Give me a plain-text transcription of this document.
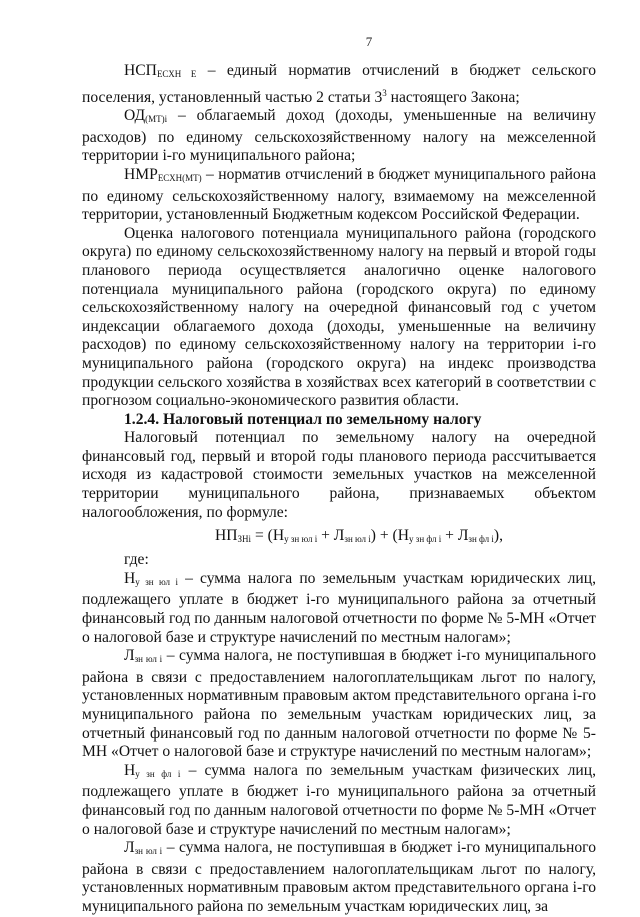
7

$НСП_{ЕСХН Е}$ – единый норматив отчислений в бюджет сельского поселения, установленный частью 2 статьи $3^3$ настоящего Закона;

$ОД_{(МТ)i}$ – облагаемый доход (доходы, уменьшенные на величину расходов) по единому сельскохозяйственному налогу на межселенной территории i-го муниципального района;

$НМР_{ЕСХН(МТ)}$ – норматив отчислений в бюджет муниципального района по единому сельскохозяйственному налогу, взимаемому на межселенной территории, установленный Бюджетным кодексом Российской Федерации.

Оценка налогового потенциала муниципального района (городского округа) по единому сельскохозяйственному налогу на первый и второй годы планового периода осуществляется аналогично оценке налогового потенциала муниципального района (городского округа) по единому сельскохозяйственному налогу на очередной финансовый год с учетом индексации облагаемого дохода (доходы, уменьшенные на величину расходов) по единому сельскохозяйственному налогу на территории i-го муниципального района (городского округа) на индекс производства продукции сельского хозяйства в хозяйствах всех категорий в соответствии с прогнозом социально-экономического развития области.

1.2.4. Налоговый потенциал по земельному налогу

Налоговый потенциал по земельному налогу на очередной финансовый год, первый и второй годы планового периода рассчитывается исходя из кадастровой стоимости земельных участков на межселенной территории муниципального района, признаваемых объектом налогообложения, по формуле:

$НП_{ЗНi} = (Н_{у зн юл i} + Л_{зн юл i}) + (Н_{у зн фл i} + Л_{зн фл i})$,

где:

$Н_{у зн юл i}$ – сумма налога по земельным участкам юридических лиц, подлежащего уплате в бюджет i-го муниципального района за отчетный финансовый год по данным налоговой отчетности по форме № 5-МН «Отчет о налоговой базе и структуре начислений по местным налогам»;

$Л_{зн юл i}$ – сумма налога, не поступившая в бюджет i-го муниципального района в связи с предоставлением налогоплательщикам льгот по налогу, установленных нормативным правовым актом представительного органа i-го муниципального района по земельным участкам юридических лиц, за отчетный финансовый год по данным налоговой отчетности по форме № 5-МН «Отчет о налоговой базе и структуре начислений по местным налогам»;

$Н_{у зн фл i}$ – сумма налога по земельным участкам физических лиц, подлежащего уплате в бюджет i-го муниципального района за отчетный финансовый год по данным налоговой отчетности по форме № 5-МН «Отчет о налоговой базе и структуре начислений по местным налогам»;

$Л_{зн юл i}$ – сумма налога, не поступившая в бюджет i-го муниципального района в связи с предоставлением налогоплательщикам льгот по налогу, установленных нормативным правовым актом представительного органа i-го муниципального района по земельным участкам юридических лиц, за
